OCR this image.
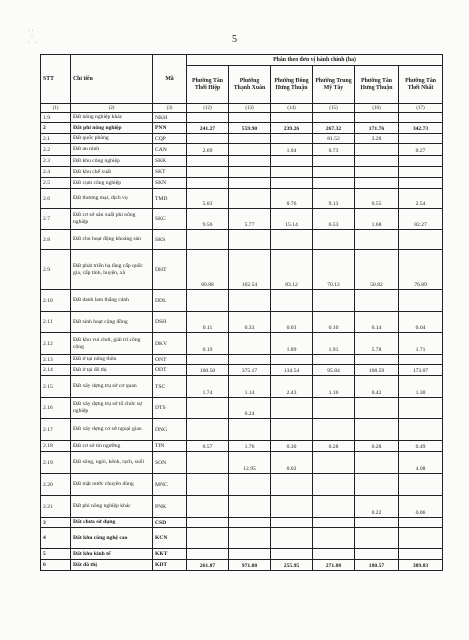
5
· ·
·
·   ·
STT	Chỉ tiêu	Mã	Phân theo đơn vị hành chính (ha)					
			Phường Tân Thới Hiệp	Phường Thạnh Xuân	Phường Đông Hưng Thuận	Phường Trung Mỹ Tây	Phường Tân Hưng Thuận	Phường Tân Thới Nhất
(1)	(2)	(3)	(12)	(13)	(14)	(15)	(16)	(17)
1.9	Đất nông nghiệp khác	NKH						
2	Đất phi nông nghiệp	PNN	241.27	559.90	239.26	267.32	171.76	342.73
2.1	Đất quốc phòng	CQP				81.52	3.28	
2.2	Đất an ninh	CAN	2.69		1.04	0.73		0.27
2.3	Đất khu công nghiệp	SKK						
2.4	Đất khu chế xuất	SKT						
2.5	Đất cụm công nghiệp	SKN						
2.6	Đất thương mại, dịch vụ	TMD	5.03		0.76	9.13	0.55	2.54
2.7	Đất cơ sở sản xuất phi nông nghiệp	SKC	9.56	5.77	15.14	6.53	1.68	82.27
2.8	Đất cho hoạt động khoáng sản	SKS						
2.9	Đất phát triển hạ tầng cấp quốc gia, cấp tỉnh, huyện, xã	DHT	60.88	162.54	83.12	70.12	50.82	76.89
2.10	Đất danh lam thắng cảnh	DDL						
2.11	Đất sinh hoạt cộng đồng	DSH	0.11	0.33	0.03	0.10	0.14	0.04
2.12	Đất khu vui chơi, giải trí công cộng	DKV	0.19		1.89	1.91	5.78	1.71
2.13	Đất ở tại nông thôn	ONT						
2.14	Đất ở tại đô thị	ODT	160.50	375.17	134.54	95.84	108.59	173.07
2.15	Đất xây dựng trụ sở cơ quan	TSC	1.74	1.14	2.43	1.16	0.42	1.30
2.16	Đất xây dựng trụ sở tổ chức sự nghiệp	DTS		0.24				
2.17	Đất xây dựng cơ sở ngoại giao	DNG						
2.18	Đất cơ sở tín ngưỡng	TIN	0.57	1.76	0.30	0.28	0.28	0.49
2.19	Đất sông, ngòi, kênh, rạch, suối	SON		12.95	0.02			4.08
2.20	Đất mặt nước chuyên dùng	MNC						
2.21	Đất phi nông nghiệp khác	PNK					0.22	0.06
3	Đất chưa sử dụng	CSD						
4	Đất khu công nghệ cao	KCN						
5	Đất khu kinh tế	KKT						
6	Đất đô thị	KDT	261.87	971.08	255.95	271.08	180.57	389.83
